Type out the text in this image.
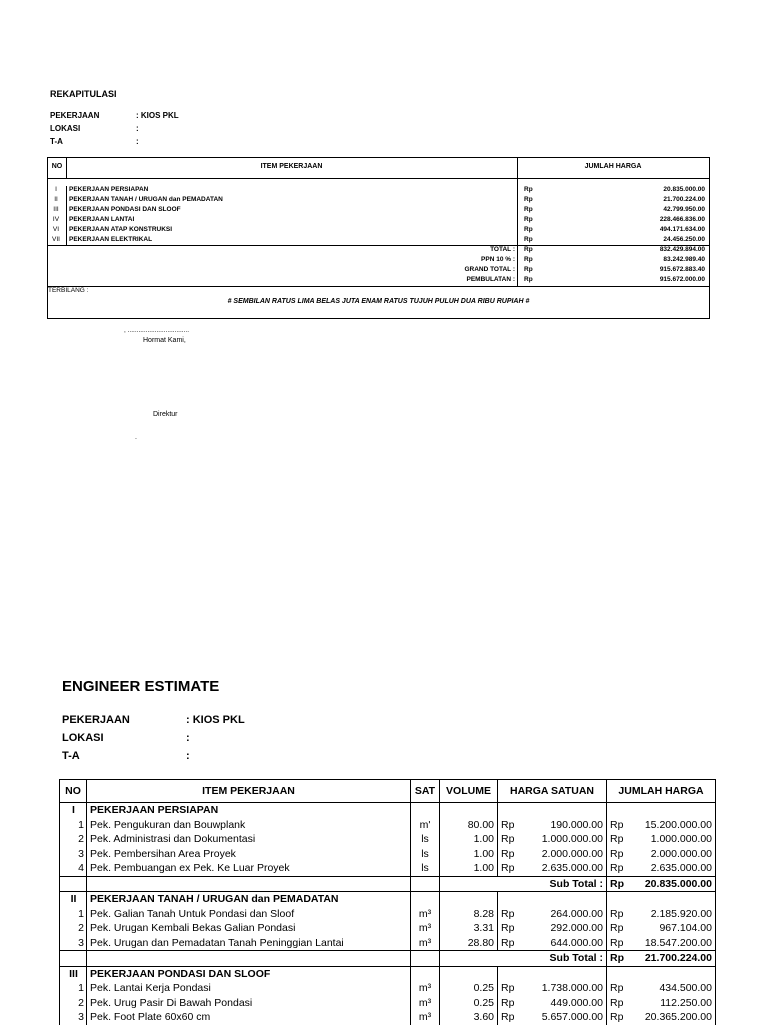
REKAPITULASI
PEKERJAAN	: KIOS PKL
LOKASI	:
T-A	:
NO	ITEM PEKERJAAN	JUMLAH HARGA
I	PEKERJAAN PERSIAPAN	Rp	20.835.000.00
II	PEKERJAAN TANAH / URUGAN dan PEMADATAN	Rp	21.700.224.00
III	PEKERJAAN PONDASI DAN SLOOF	Rp	42.799.950.00
IV	PEKERJAAN LANTAI	Rp	228.466.836.00
VI	PEKERJAAN ATAP KONSTRUKSI	Rp	494.171.634.00
VII	PEKERJAAN ELEKTRIKAL	Rp	24.456.250.00
TOTAL : Rp	832.429.894.00
PPN 10 % : Rp	83.242.989.40
GRAND TOTAL : Rp	915.672.883.40
PEMBULATAN : Rp	915.672.000.00
TERBILANG :
# SEMBILAN RATUS LIMA BELAS JUTA ENAM RATUS TUJUH PULUH DUA RIBU RUPIAH #
, ..................................
Hormat Kami,
Direktur
.
ENGINEER ESTIMATE
PEKERJAAN	: KIOS PKL
LOKASI	:
T-A	:
NO	ITEM PEKERJAAN	SAT	VOLUME	HARGA SATUAN		JUMLAH HARGA	
I	PEKERJAAN PERSIAPAN						
1	Pek. Pengukuran dan Bouwplank	m'	80.00	Rp	190.000.00	Rp	15.200.000.00
2	Pek. Administrasi dan Dokumentasi	ls	1.00	Rp	1.000.000.00	Rp	1.000.000.00
3	Pek. Pembersihan Area Proyek	ls	1.00	Rp	2.000.000.00	Rp	2.000.000.00
4	Pek. Pembuangan ex Pek. Ke Luar Proyek	ls	1.00	Rp	2.635.000.00	Rp	2.635.000.00
			Sub Total :			Rp	20.835.000.00
II	PEKERJAAN TANAH / URUGAN dan PEMADATAN						
1	Pek. Galian Tanah Untuk Pondasi dan Sloof	m³	8.28	Rp	264.000.00	Rp	2.185.920.00
2	Pek. Urugan Kembali Bekas Galian Pondasi	m³	3.31	Rp	292.000.00	Rp	967.104.00
3	Pek. Urugan dan Pemadatan Tanah Peninggian Lantai	m³	28.80	Rp	644.000.00	Rp	18.547.200.00
			Sub Total :			Rp	21.700.224.00
III	PEKERJAAN PONDASI DAN SLOOF						
1	Pek. Lantai Kerja Pondasi	m³	0.25	Rp	1.738.000.00	Rp	434.500.00
2	Pek. Urug Pasir Di Bawah Pondasi	m³	0.25	Rp	449.000.00	Rp	112.250.00
3	Pek. Foot Plate 60x60 cm	m³	3.60	Rp	5.657.000.00	Rp	20.365.200.00
